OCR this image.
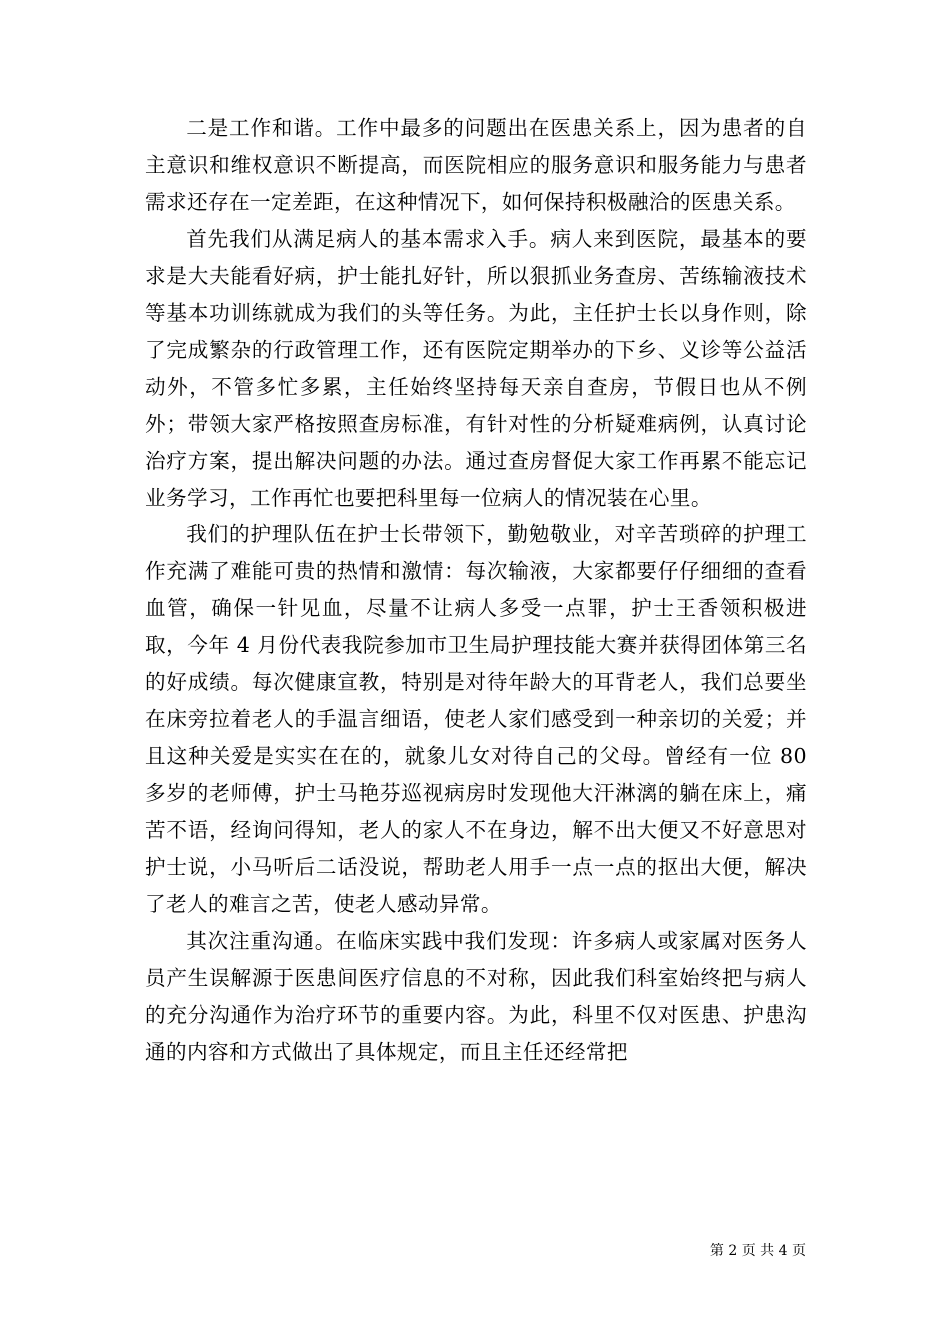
二是工作和谐。工作中最多的问题出在医患关系上，因为患者的自主意识和维权意识不断提高，而医院相应的服务意识和服务能力与患者需求还存在一定差距，在这种情况下，如何保持积极融洽的医患关系。

首先我们从满足病人的基本需求入手。病人来到医院，最基本的要求是大夫能看好病，护士能扎好针，所以狠抓业务查房、苦练输液技术等基本功训练就成为我们的头等任务。为此，主任护士长以身作则，除了完成繁杂的行政管理工作，还有医院定期举办的下乡、义诊等公益活动外，不管多忙多累，主任始终坚持每天亲自查房，节假日也从不例外；带领大家严格按照查房标准，有针对性的分析疑难病例，认真讨论治疗方案，提出解决问题的办法。通过查房督促大家工作再累不能忘记业务学习，工作再忙也要把科里每一位病人的情况装在心里。

我们的护理队伍在护士长带领下，勤勉敬业，对辛苦琐碎的护理工作充满了难能可贵的热情和激情：每次输液，大家都要仔仔细细的查看血管，确保一针见血，尽量不让病人多受一点罪，护士王香领积极进取，今年 4 月份代表我院参加市卫生局护理技能大赛并获得团体第三名的好成绩。每次健康宣教，特别是对待年龄大的耳背老人，我们总要坐在床旁拉着老人的手温言细语，使老人家们感受到一种亲切的关爱；并且这种关爱是实实在在的，就象儿女对待自己的父母。曾经有一位 80 多岁的老师傅，护士马艳芬巡视病房时发现他大汗淋漓的躺在床上，痛苦不语，经询问得知，老人的家人不在身边，解不出大便又不好意思对护士说，小马听后二话没说，帮助老人用手一点一点的抠出大便，解决了老人的难言之苦，使老人感动异常。

其次注重沟通。在临床实践中我们发现：许多病人或家属对医务人员产生误解源于医患间医疗信息的不对称，因此我们科室始终把与病人的充分沟通作为治疗环节的重要内容。为此，科里不仅对医患、护患沟通的内容和方式做出了具体规定，而且主任还经常把

第 2 页 共 4 页
